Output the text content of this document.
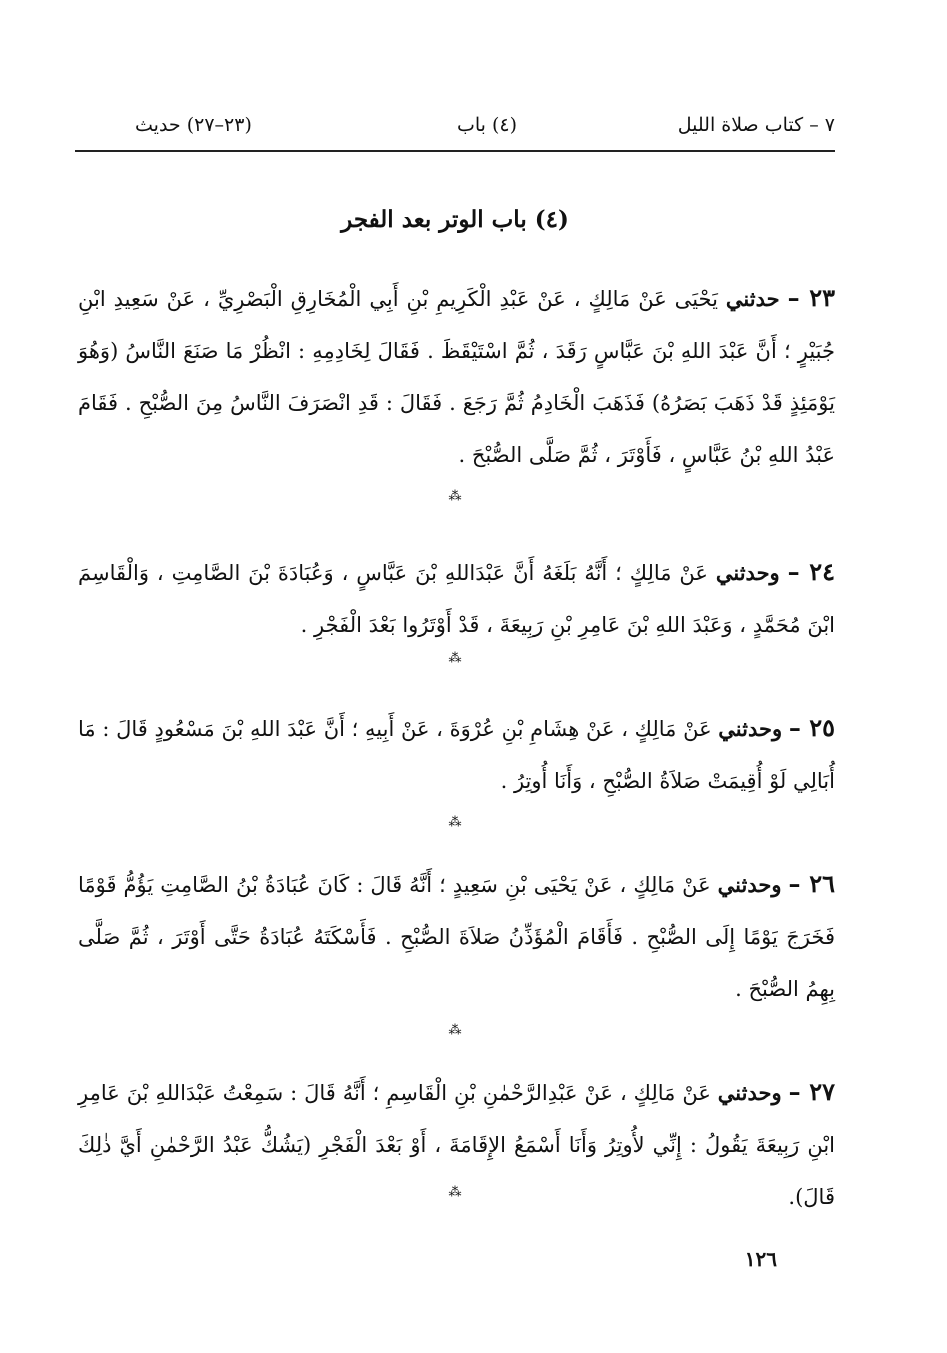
٧ – كتاب صلاة الليل
(٤) باب
(٢٣–٢٧) حديث
(٤) باب الوتر بعد الفجر
٢٣ – حدثني يَحْيَى عَنْ مَالِكٍ ، عَنْ عَبْدِ الْكَرِيمِ بْنِ أَبِي الْمُخَارِقِ الْبَصْرِيِّ ، عَنْ سَعِيدِ ابْنِ جُبَيْرٍ ؛ أَنَّ عَبْدَ اللهِ بْنَ عَبَّاسٍ رَقَدَ ، ثُمَّ اسْتَيْقَظَ . فَقَالَ لِخَادِمِهِ : انْظُرْ مَا صَنَعَ النَّاسُ (وَهُوَ يَوْمَئِذٍ قَدْ ذَهَبَ بَصَرُهُ) فَذَهَبَ الْخَادِمُ ثُمَّ رَجَعَ . فَقَالَ : قَدِ انْصَرَفَ النَّاسُ مِنَ الصُّبْحِ . فَقَامَ عَبْدُ اللهِ بْنُ عَبَّاسٍ ، فَأَوْتَرَ ، ثُمَّ صَلَّى الصُّبْحَ .
⁂
٢٤ – وحدثني عَنْ مَالِكٍ ؛ أَنَّهُ بَلَغَهُ أَنَّ عَبْدَاللهِ بْنَ عَبَّاسٍ ، وَعُبَادَةَ بْنَ الصَّامِتِ ، وَالْقَاسِمَ ابْنَ مُحَمَّدٍ ، وَعَبْدَ اللهِ بْنَ عَامِرِ بْنِ رَبِيعَةَ ، قَدْ أَوْتَرُوا بَعْدَ الْفَجْرِ .
⁂
٢٥ – وحدثني عَنْ مَالِكٍ ، عَنْ هِشَامِ بْنِ عُرْوَةَ ، عَنْ أَبِيهِ ؛ أَنَّ عَبْدَ اللهِ بْنَ مَسْعُودٍ قَالَ : مَا أُبَالِي لَوْ أُقِيمَتْ صَلاَةُ الصُّبْحِ ، وَأَنَا أُوتِرُ .
⁂
٢٦ – وحدثني عَنْ مَالِكٍ ، عَنْ يَحْيَى بْنِ سَعِيدٍ ؛ أَنَّهُ قَالَ : كَانَ عُبَادَةُ بْنُ الصَّامِتِ يَؤُمُّ قَوْمًا فَخَرَجَ يَوْمًا إِلَى الصُّبْحِ . فَأَقَامَ الْمُؤَذِّنُ صَلاَةَ الصُّبْحِ . فَأَسْكَتَهُ عُبَادَةُ حَتَّى أَوْتَرَ ، ثُمَّ صَلَّى بِهِمُ الصُّبْحَ .
⁂
٢٧ – وحدثني عَنْ مَالِكٍ ، عَنْ عَبْدِالرَّحْمٰنِ بْنِ الْقَاسِمِ ؛ أَنَّهُ قَالَ : سَمِعْتُ عَبْدَاللهِ بْنَ عَامِرِ ابْنِ رَبِيعَةَ يَقُولُ : إِنِّي لأُوتِرُ وَأَنَا أَسْمَعُ الإِقَامَةَ ، أَوْ بَعْدَ الْفَجْرِ (يَشُكُّ عَبْدُ الرَّحْمٰنِ أَيَّ ذٰلِكَ قَالَ).
⁂
١٢٦
